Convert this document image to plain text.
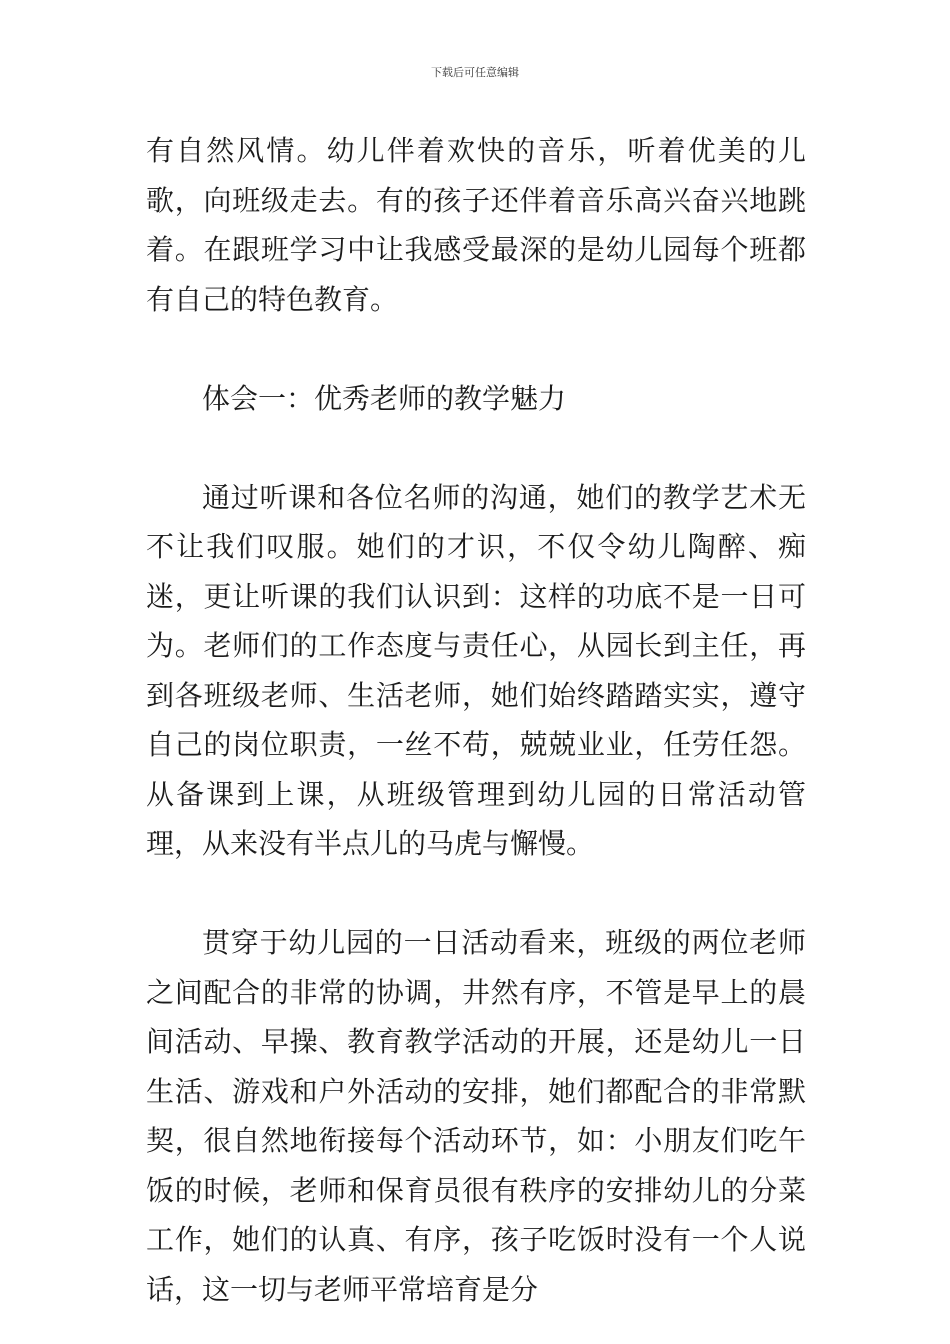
下载后可任意编辑

有自然风情。幼儿伴着欢快的音乐，听着优美的儿歌，向班级走去。有的孩子还伴着音乐高兴奋兴地跳着。在跟班学习中让我感受最深的是幼儿园每个班都有自己的特色教育。

体会一：优秀老师的教学魅力

通过听课和各位名师的沟通，她们的教学艺术无不让我们叹服。她们的才识，不仅令幼儿陶醉、痴迷，更让听课的我们认识到：这样的功底不是一日可为。老师们的工作态度与责任心，从园长到主任，再到各班级老师、生活老师，她们始终踏踏实实，遵守自己的岗位职责，一丝不苟，兢兢业业，任劳任怨。从备课到上课，从班级管理到幼儿园的日常活动管理，从来没有半点儿的马虎与懈慢。

贯穿于幼儿园的一日活动看来，班级的两位老师之间配合的非常的协调，井然有序，不管是早上的晨间活动、早操、教育教学活动的开展，还是幼儿一日生活、游戏和户外活动的安排，她们都配合的非常默契，很自然地衔接每个活动环节，如：小朋友们吃午饭的时候，老师和保育员很有秩序的安排幼儿的分菜工作，她们的认真、有序，孩子吃饭时没有一个人说话，这一切与老师平常培育是分
